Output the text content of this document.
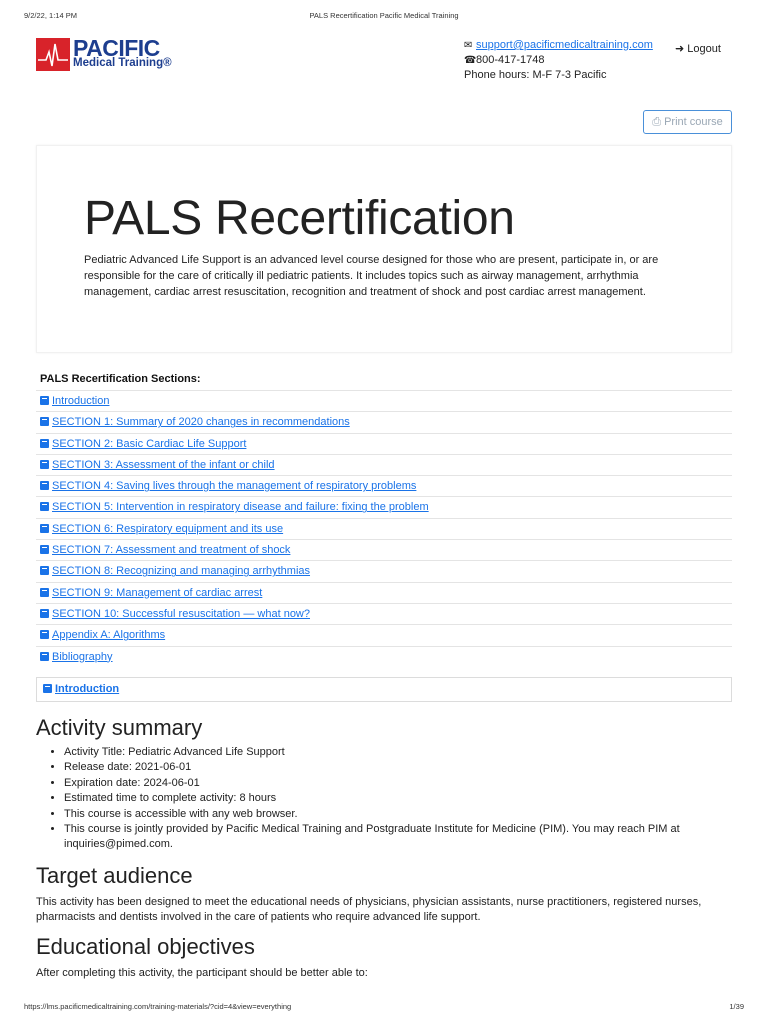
9/2/22, 1:14 PM	PALS Recertification Pacific Medical Training
PACIFIC
Medical Training®
✉ support@pacificmedicaltraining.com
☎800-417-1748
Phone hours: M-F 7-3 Pacific
➜ Logout
⎙ Print course
PALS Recertification

Pediatric Advanced Life Support is an advanced level course designed for those who are present, participate in, or are responsible for the care of critically ill pediatric patients. It includes topics such as airway management, arrhythmia management, cardiac arrest resuscitation, recognition and treatment of shock and post cardiac arrest management.

PALS Recertification Sections:
Introduction
SECTION 1: Summary of 2020 changes in recommendations
SECTION 2: Basic Cardiac Life Support
SECTION 3: Assessment of the infant or child
SECTION 4: Saving lives through the management of respiratory problems
SECTION 5: Intervention in respiratory disease and failure: fixing the problem
SECTION 6: Respiratory equipment and its use
SECTION 7: Assessment and treatment of shock
SECTION 8: Recognizing and managing arrhythmias
SECTION 9: Management of cardiac arrest
SECTION 10: Successful resuscitation — what now?
Appendix A: Algorithms
Bibliography
Introduction
Activity summary
• Activity Title: Pediatric Advanced Life Support
• Release date: 2021-06-01
• Expiration date: 2024-06-01
• Estimated time to complete activity: 8 hours
• This course is accessible with any web browser.
• This course is jointly provided by Pacific Medical Training and Postgraduate Institute for Medicine (PIM). You may reach PIM at inquiries@pimed.com.
Target audience

This activity has been designed to meet the educational needs of physicians, physician assistants, nurse practitioners, registered nurses, pharmacists and dentists involved in the care of patients who require advanced life support.

Educational objectives

After completing this activity, the participant should be better able to:

https://lms.pacificmedicaltraining.com/training-materials/?cid=4&view=everything	1/39
